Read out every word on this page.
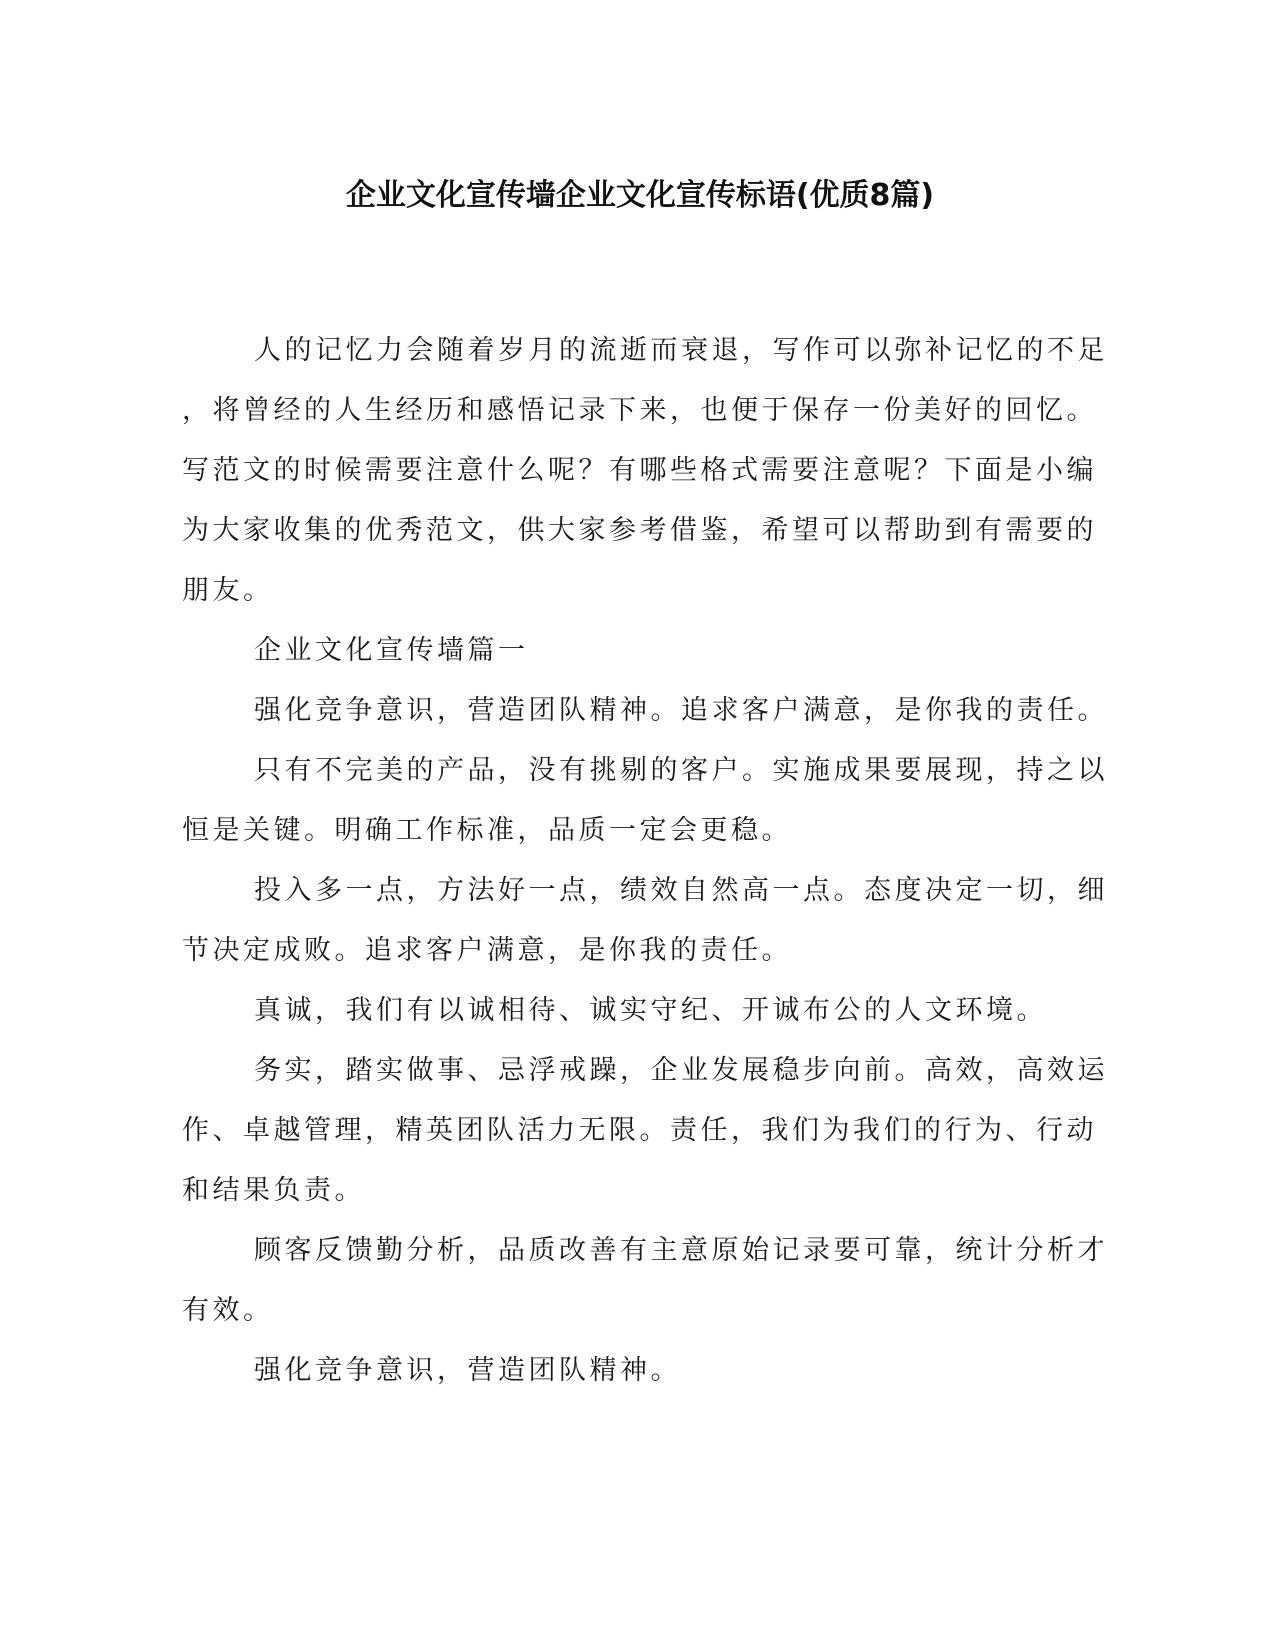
企业文化宣传墙企业文化宣传标语(优质8篇)

人的记忆力会随着岁月的流逝而衰退，写作可以弥补记忆的不足

，将曾经的人生经历和感悟记录下来，也便于保存一份美好的回忆。

写范文的时候需要注意什么呢？有哪些格式需要注意呢？下面是小编

为大家收集的优秀范文，供大家参考借鉴，希望可以帮助到有需要的

朋友。

企业文化宣传墙篇一

强化竞争意识，营造团队精神。追求客户满意，是你我的责任。

只有不完美的产品，没有挑剔的客户。实施成果要展现，持之以

恒是关键。明确工作标准，品质一定会更稳。

投入多一点，方法好一点，绩效自然高一点。态度决定一切，细

节决定成败。追求客户满意，是你我的责任。

真诚，我们有以诚相待、诚实守纪、开诚布公的人文环境。

务实，踏实做事、忌浮戒躁，企业发展稳步向前。高效，高效运

作、卓越管理，精英团队活力无限。责任，我们为我们的行为、行动

和结果负责。

顾客反馈勤分析，品质改善有主意原始记录要可靠，统计分析才

有效。

强化竞争意识，营造团队精神。
